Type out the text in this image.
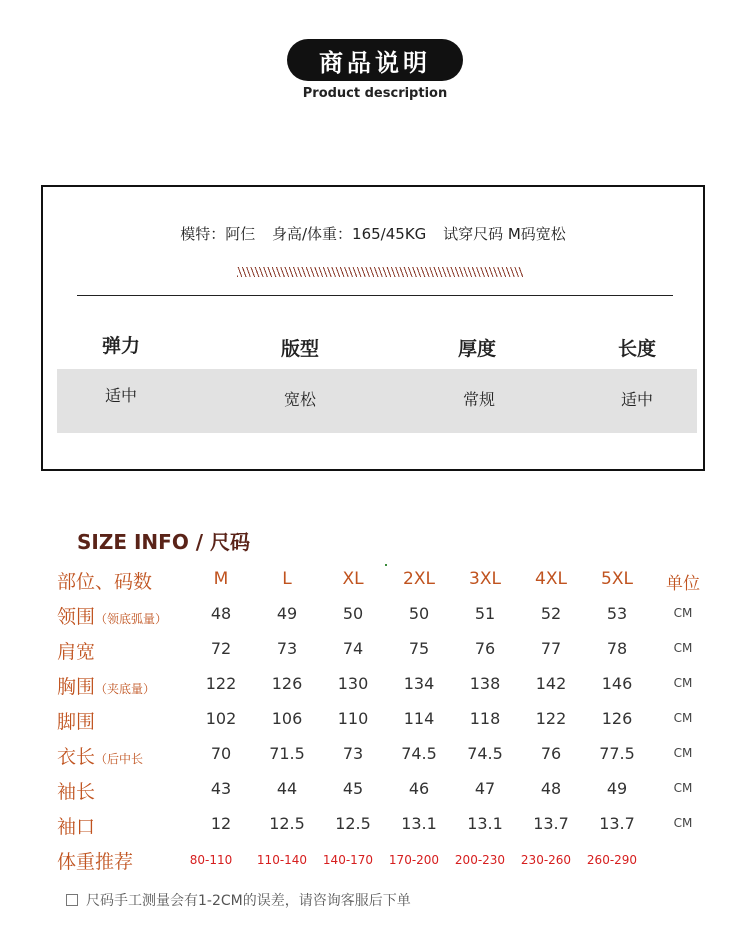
商品说明
Product description
模特：阿仨 身高/体重：165/45KG 试穿尺码 M码宽松
弹力	版型	厚度	长度
适中	宽松	常规	适中
SIZE INFO / 尺码
部位、码数	M	L	XL	2XL	3XL	4XL	5XL	单位
领围（领底弧量）	48	49	50	50	51	52	53	CM
肩宽	72	73	74	75	76	77	78	CM
胸围（夹底量）	122	126	130	134	138	142	146	CM
脚围	102	106	110	114	118	122	126	CM
衣长（后中长	70	71.5	73	74.5	74.5	76	77.5	CM
袖长	43	44	45	46	47	48	49	CM
袖口	12	12.5	12.5	13.1	13.1	13.7	13.7	CM
体重推荐	80-110	110-140	140-170	170-200	200-230	230-260	260-290
尺码手工测量会有1-2CM的误差，请咨询客服后下单
